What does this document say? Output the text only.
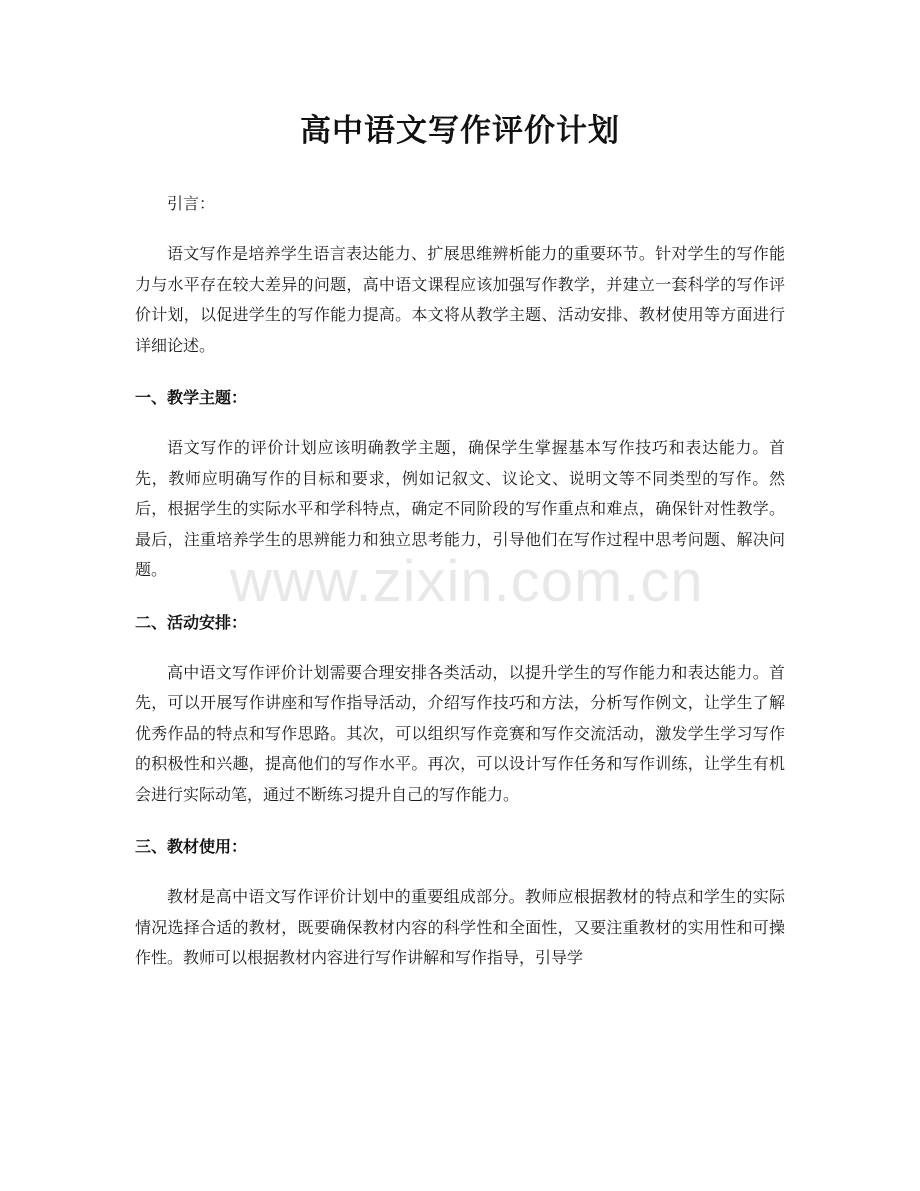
高中语文写作评价计划

引言：

语文写作是培养学生语言表达能力、扩展思维辨析能力的重要环节。针对学生的写作能力与水平存在较大差异的问题，高中语文课程应该加强写作教学，并建立一套科学的写作评价计划，以促进学生的写作能力提高。本文将从教学主题、活动安排、教材使用等方面进行详细论述。

一、教学主题：

语文写作的评价计划应该明确教学主题，确保学生掌握基本写作技巧和表达能力。首先，教师应明确写作的目标和要求，例如记叙文、议论文、说明文等不同类型的写作。然后，根据学生的实际水平和学科特点，确定不同阶段的写作重点和难点，确保针对性教学。最后，注重培养学生的思辨能力和独立思考能力，引导他们在写作过程中思考问题、解决问题。

二、活动安排：

高中语文写作评价计划需要合理安排各类活动，以提升学生的写作能力和表达能力。首先，可以开展写作讲座和写作指导活动，介绍写作技巧和方法，分析写作例文，让学生了解优秀作品的特点和写作思路。其次，可以组织写作竞赛和写作交流活动，激发学生学习写作的积极性和兴趣，提高他们的写作水平。再次，可以设计写作任务和写作训练，让学生有机会进行实际动笔，通过不断练习提升自己的写作能力。

三、教材使用：

教材是高中语文写作评价计划中的重要组成部分。教师应根据教材的特点和学生的实际情况选择合适的教材，既要确保教材内容的科学性和全面性，又要注重教材的实用性和可操作性。教师可以根据教材内容进行写作讲解和写作指导，引导学

www.zixin.com.cn
